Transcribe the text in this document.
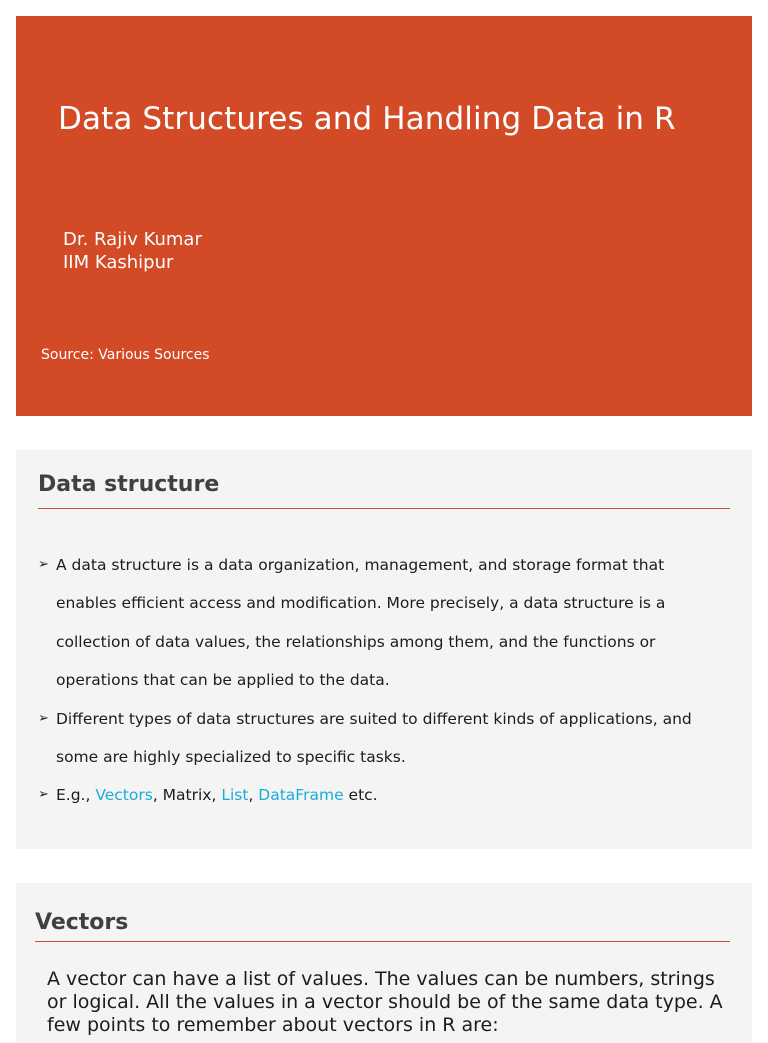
Data Structures and Handling Data in R
Dr. Rajiv Kumar
IIM Kashipur
Source: Various Sources
Data structure
➢ A data structure is a data organization, management, and storage format that enables efficient access and modification. More precisely, a data structure is a collection of data values, the relationships among them, and the functions or operations that can be applied to the data.
➢ Different types of data structures are suited to different kinds of applications, and some are highly specialized to specific tasks.
➢ E.g., Vectors, Matrix, List, DataFrame etc.
Vectors
A vector can have a list of values. The values can be numbers, strings or logical. All the values in a vector should be of the same data type. A few points to remember about vectors in R are:
